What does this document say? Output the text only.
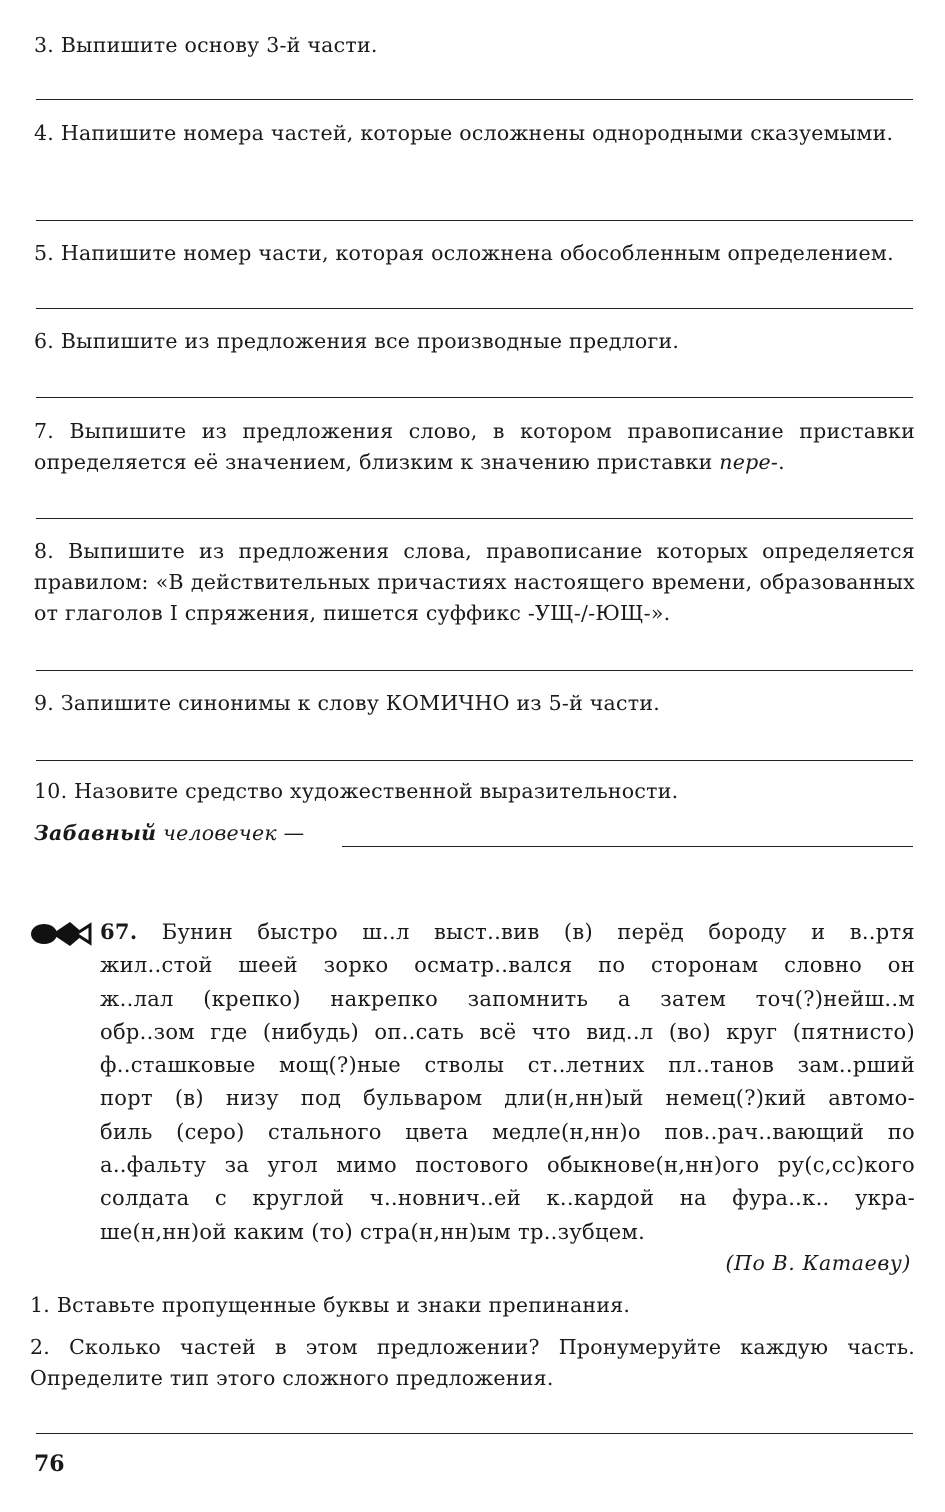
3. Выпишите основу 3-й части.
4. Напишите номера частей, которые осложнены однородными сказуемыми.
5. Напишите номер части, которая осложнена обособленным определением.
6. Выпишите из предложения все производные предлоги.
7. Выпишите из предложения слово, в котором правописание приставки определяется её значением, близким к значению приставки пере-.
8. Выпишите из предложения слова, правописание которых определяется правилом: «В действительных причастиях настоящего времени, образованных от глаголов I спряжения, пишется суффикс -УЩ-/-ЮЩ-».
9. Запишите синонимы к слову КОМИЧНО из 5-й части.
10. Назовите средство художественной выразительности.
Забавный человечек —
67. Бунин быстро ш..л выст..вив (в) перёд бороду и в..ртя
жил..стой шеей зорко осматр..вался по сторонам словно он
ж..лал (крепко) накрепко запомнить а затем точ(?)нейш..м
обр..зом где (нибудь) оп..сать всё что вид..л (во) круг (пятнисто)
ф..сташковые мощ(?)ные стволы ст..летних пл..танов зам..рший
порт (в) низу под бульваром дли(н,нн)ый немец(?)кий автомо-
биль (серо) стального цвета медле(н,нн)о пов..рач..вающий по
а..фальту за угол мимо постового обыкнове(н,нн)ого ру(с,сс)кого
солдата с круглой ч..новнич..ей к..кардой на фура..к.. укра-
ше(н,нн)ой каким (то) стра(н,нн)ым тр..зубцем.
(По В. Катаеву)
1. Вставьте пропущенные буквы и знаки препинания.
2. Сколько частей в этом предложении? Пронумеруйте каждую часть. Определите тип этого сложного предложения.
76
